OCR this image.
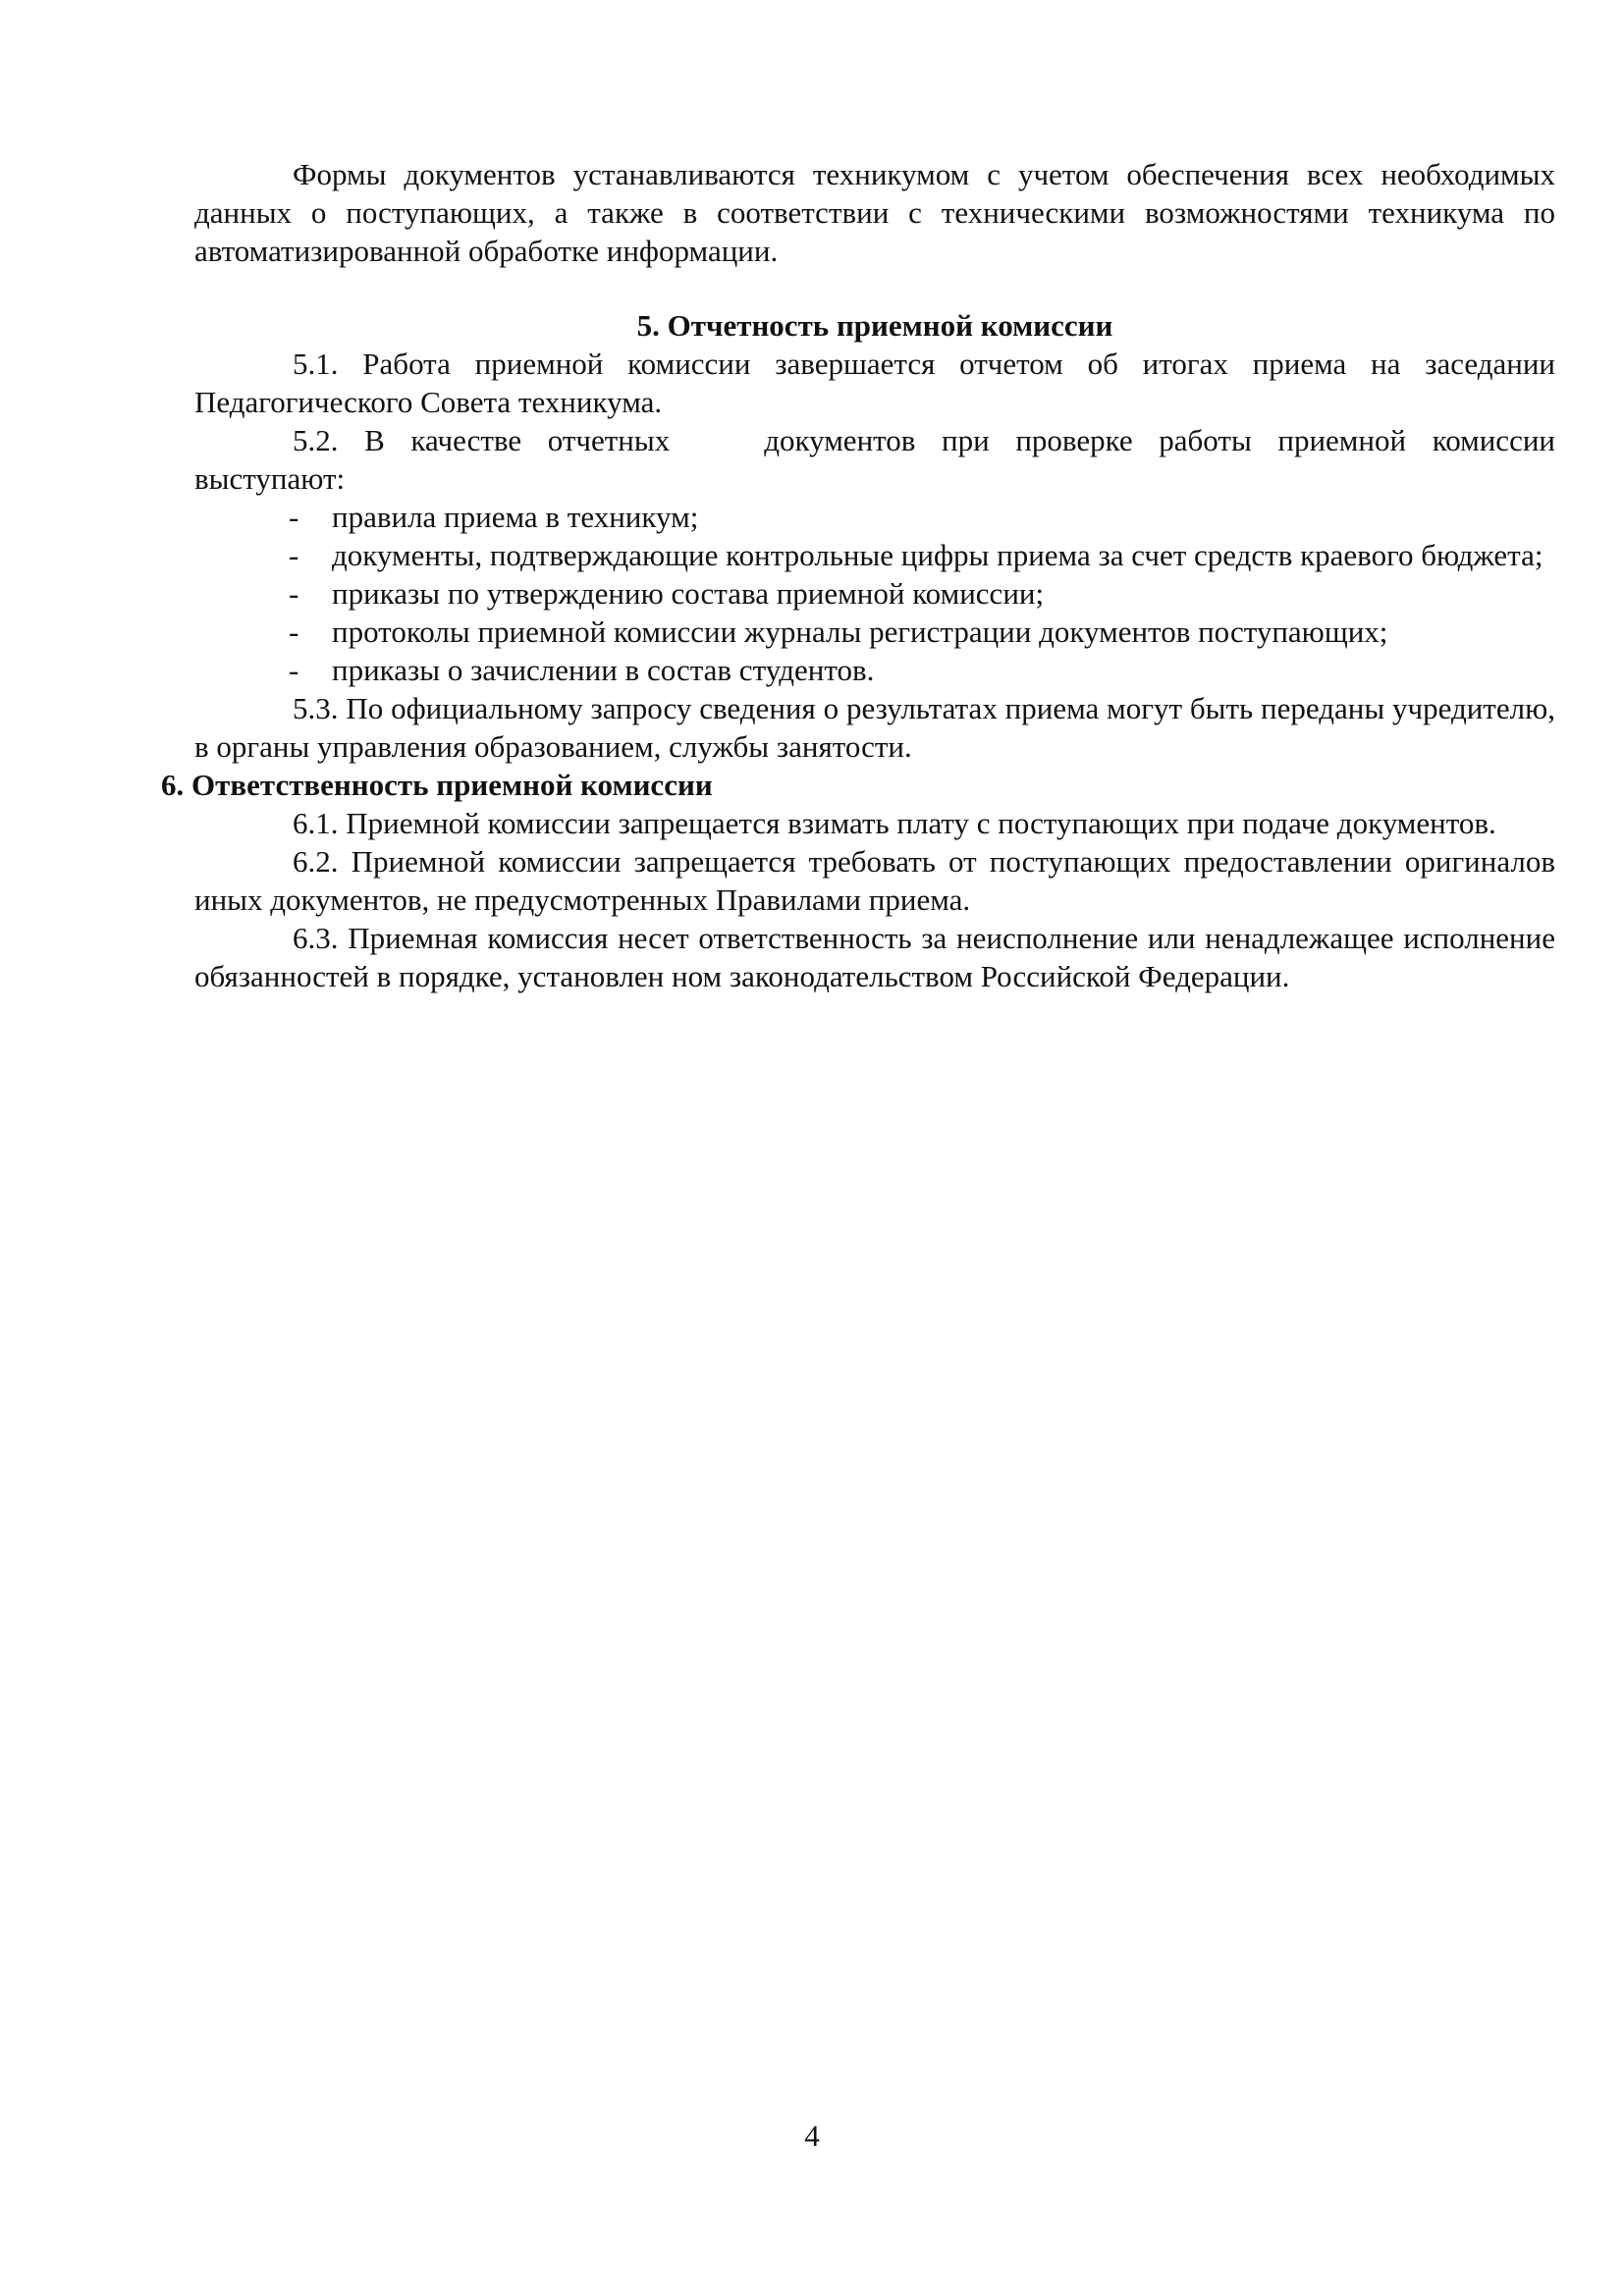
Формы документов устанавливаются техникумом с учетом обеспечения всех необходимых данных о поступающих, а также в соответствии с техническими возможностями техникума по автоматизированной обработке информации.

5. Отчетность приемной комиссии

5.1. Работа приемной комиссии завершается отчетом об итогах приема на заседании Педагогического Совета техникума.

5.2. В качестве отчетных	документов при проверке работы приемной комиссии выступают:

- правила приема в техникум;

- документы, подтверждающие контрольные цифры приема за счет средств краевого бюджета;

- приказы по утверждению состава приемной комиссии;

- протоколы приемной комиссии журналы регистрации документов поступающих;

- приказы о зачислении в состав студентов.

5.3. По официальному запросу сведения о результатах приема могут быть переданы учредителю, в органы управления образованием, службы занятости.

6. Ответственность приемной комиссии

6.1. Приемной комиссии запрещается взимать плату с поступающих при подаче документов.

6.2. Приемной комиссии запрещается требовать от поступающих предоставлении оригиналов иных документов, не предусмотренных Правилами приема.

6.3. Приемная комиссия несет ответственность за неисполнение или ненадлежащее исполнение обязанностей в порядке, установлен ном законодательством Российской Федерации.

4
